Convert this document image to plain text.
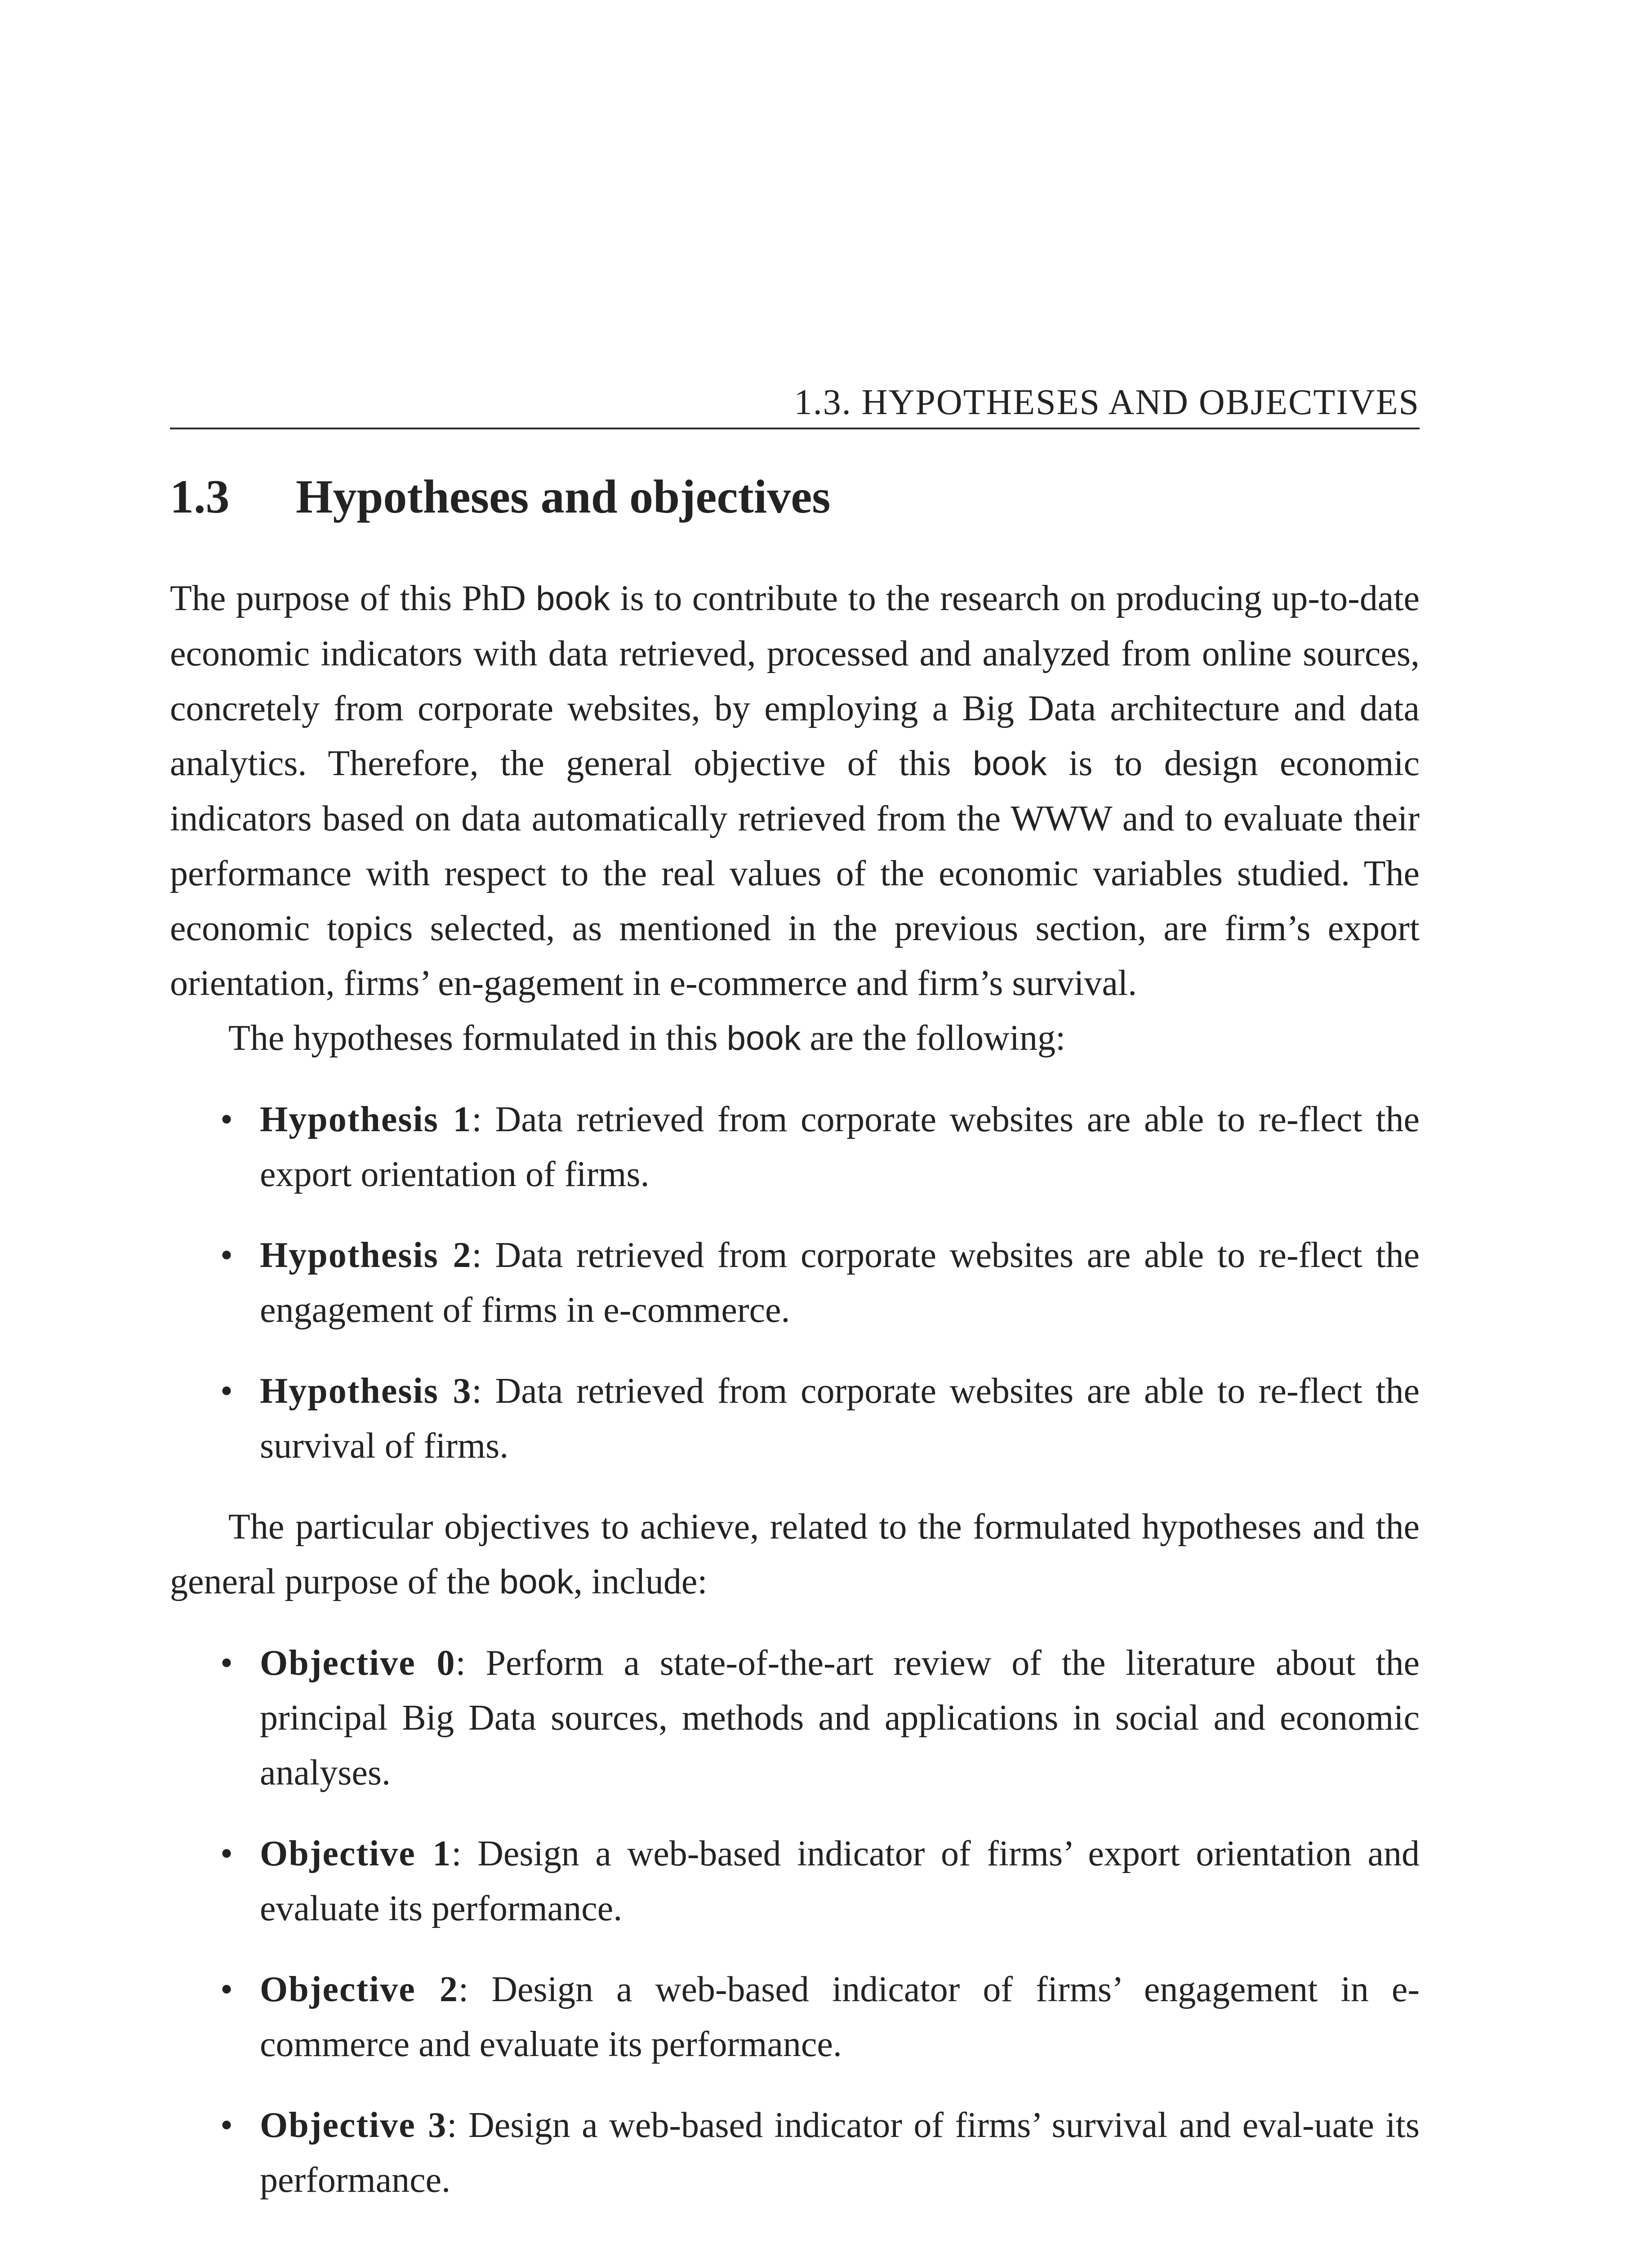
1.3. HYPOTHESES AND OBJECTIVES
1.3 Hypotheses and objectives

The purpose of this PhD book is to contribute to the research on producing up-to-date economic indicators with data retrieved, processed and analyzed from online sources, concretely from corporate websites, by employing a Big Data architecture and data analytics. Therefore, the general objective of this book is to design economic indicators based on data automatically retrieved from the WWW and to evaluate their performance with respect to the real values of the economic variables studied. The economic topics selected, as mentioned in the previous section, are firm’s export orientation, firms’ en-gagement in e-commerce and firm’s survival.

The hypotheses formulated in this book are the following:

• Hypothesis 1: Data retrieved from corporate websites are able to re-flect the export orientation of firms.
• Hypothesis 2: Data retrieved from corporate websites are able to re-flect the engagement of firms in e-commerce.
• Hypothesis 3: Data retrieved from corporate websites are able to re-flect the survival of firms.

The particular objectives to achieve, related to the formulated hypotheses and the general purpose of the book, include:

• Objective 0: Perform a state-of-the-art review of the literature about the principal Big Data sources, methods and applications in social and economic analyses.
• Objective 1: Design a web-based indicator of firms’ export orientation and evaluate its performance.
• Objective 2: Design a web-based indicator of firms’ engagement in e-commerce and evaluate its performance.
• Objective 3: Design a web-based indicator of firms’ survival and eval-uate its performance.
